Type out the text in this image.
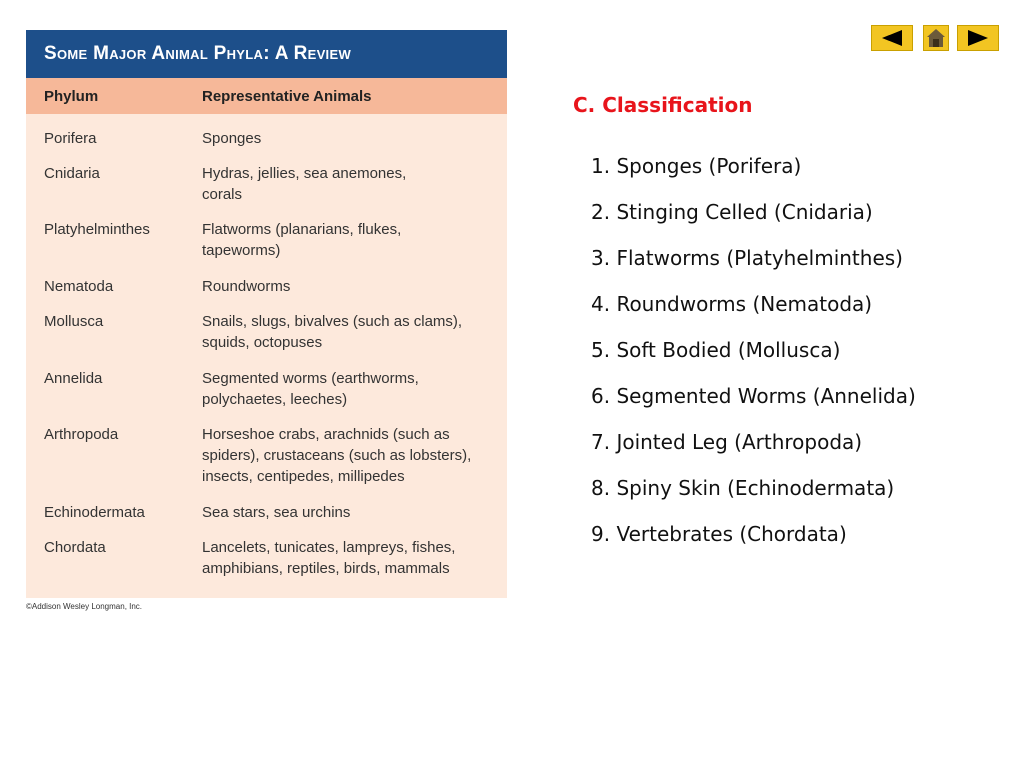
Some Major Animal Phyla: A Review
Phylum	Representative Animals
Porifera	Sponges
Cnidaria	Hydras, jellies, sea anemones,
corals
Platyhelminthes	Flatworms (planarians, flukes,
tapeworms)
Nematoda	Roundworms
Mollusca	Snails, slugs, bivalves (such as clams),
squids, octopuses
Annelida	Segmented worms (earthworms,
polychaetes, leeches)
Arthropoda	Horseshoe crabs, arachnids (such as
spiders), crustaceans (such as lobsters),
insects, centipedes, millipedes
Echinodermata	Sea stars, sea urchins
Chordata	Lancelets, tunicates, lampreys, fishes,
amphibians, reptiles, birds, mammals
©Addison Wesley Longman, Inc.
C. Classification
1. Sponges (Porifera)
2. Stinging Celled (Cnidaria)
3. Flatworms (Platyhelminthes)
4. Roundworms (Nematoda)
5. Soft Bodied (Mollusca)
6. Segmented Worms (Annelida)
7. Jointed Leg (Arthropoda)
8. Spiny Skin (Echinodermata)
9. Vertebrates (Chordata)
